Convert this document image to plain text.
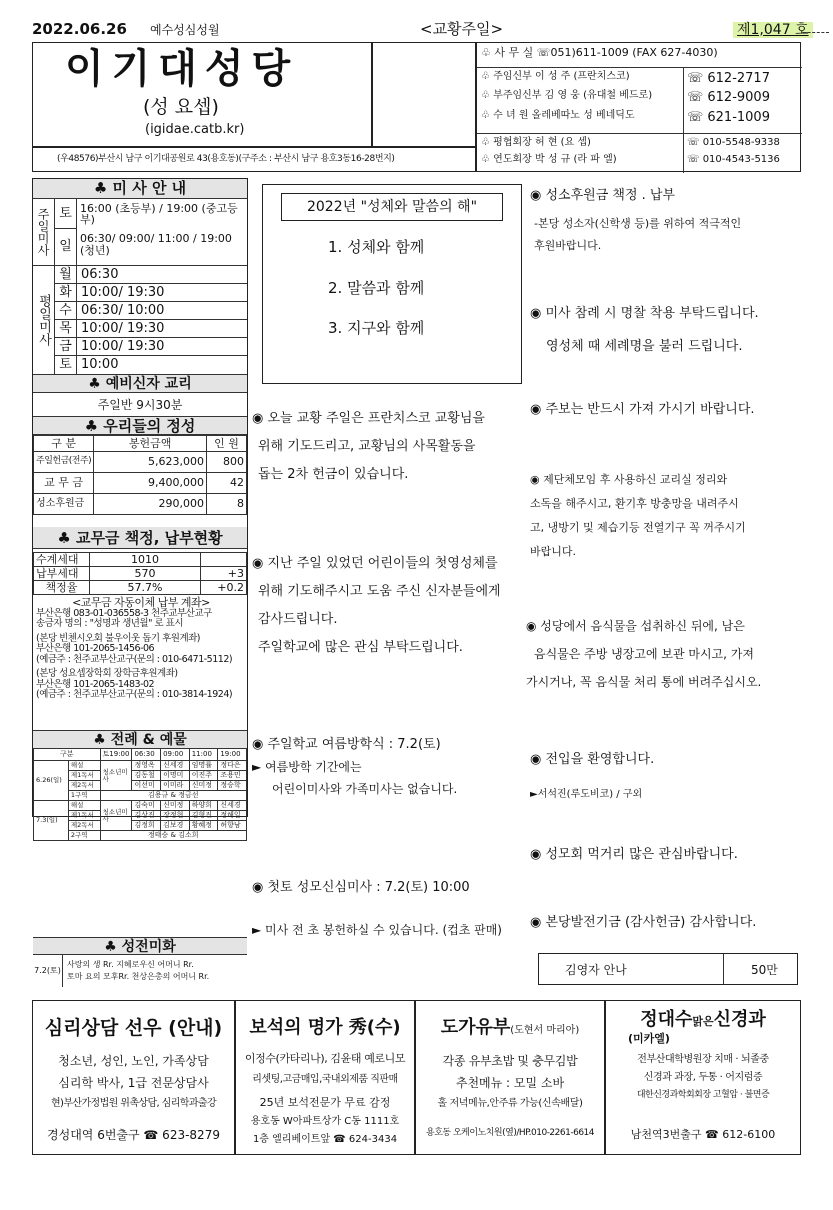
2022.06.26 예수성심성월	<교황주일>	제1,047 호
이기대성당
(성 요셉)
(igidae.catb.kr)
(우48576)부산시 남구 이기대공원로 43(용호동)(구주소 : 부산시 남구 용호3동16-28번지)
♧ 사 무 실 ☏051)611-1009 (FAX 627-4030)
♧ 주임신부 이 성 주 (프란치스코)	☏ 612-2717
♧ 부주임신부 김 영 웅 (유대철 베드로)	☏ 612-9009
♧ 수 녀 원 올레베따노 성 베네딕도	☏ 621-1009
♧ 평협회장 허 현 (요 셉)	☏ 010-5548-9338
♧ 연도회장 박 성 규 (라 파 엘)	☏ 010-4543-5136
♣ 미 사 안 내
주일미사 토 16:00 (초등부) / 19:00 (중고등부)
일
06:30/ 09:00/ 11:00 / 19:00 (청년)
평일미사
월 06:30
화 10:00/ 19:30
수 06:30/ 10:00
목 10:00/ 19:30
금 10:00/ 19:30
토 10:00
♣ 예비신자 교리
주일반 9시30분
♣ 우리들의 정성
구 분	봉헌금액	인 원
주일헌금(전주)	5,623,000	800
교 무 금	9,400,000	42
성소후원금	290,000	8
♣ 교무금 책정, 납부현황
수계세대	1010	
납부세대	570	+3
책정율	57.7%	+0.2
<교무금 자동이체 납부 계좌>
부산은행 083-01-036558-3 천주교부산교구
송금자 명의 : "성명과 생년월" 로 표시
(본당 빈첸시오회 불우이웃 돕기 후원계좌)
부산은행 101-2065-1456-06
(예금주 : 천주교부산교구(문의 : 010-6471-5112)
(본당 성요셉장학회 장학금후원계좌)
부산은행 101-2065-1483-02
(예금주 : 천주교부산교구(문의 : 010-3814-1924)
♣ 전례 & 예물
구분		토19:00	06:30	09:00	11:00	19:00
6.26(일)	해설	청소년미사	정영옥	신세경	임명률	정다은
	제1독서		김동철	이명미	이진주	조용민
	제2독서		이선미	이미라	신미정	정승학
	1구역	김용규 & 정금선				
7.3(일)	해설	청소년미사	김숙미	신미정	하양희	신세경
	제1독서		김상진	장정현	김형진	정해일
	제2독서		김정희	김보경	황혜정	허향남
	2구역	정태승 & 김소희				
♣ 성전미화
7.2(토)
사랑의 생 Rr. 지혜로우신 어머니 Rr.
토마 요의 모후Rr. 천상은총의 어머니 Rr.
2022년 "성체와 말씀의 해"
1. 성체와 함께
2. 말씀과 함께
3. 지구와 함께
◉ 오늘 교황 주일은 프란치스코 교황님을
위해 기도드리고, 교황님의 사목활동을
돕는 2차 헌금이 있습니다.
◉ 지난 주일 있었던 어린이들의 첫영성체를
위해 기도해주시고 도움 주신 신자분들에게
감사드립니다.
주일학교에 많은 관심 부탁드립니다.
◉ 주일학교 여름방학식 : 7.2(토)
► 여름방학 기간에는
어린이미사와 가족미사는 없습니다.
◉ 첫토 성모신심미사 : 7.2(토) 10:00
► 미사 전 초 봉헌하실 수 있습니다. (컵초 판매)
◉ 성소후원금 책정 . 납부
-본당 성소자(신학생 등)를 위하여 적극적인
후원바랍니다.
◉ 미사 참례 시 명찰 착용 부탁드립니다.
영성체 때 세례명을 불러 드립니다.
◉ 주보는 반드시 가져 가시기 바랍니다.
◉ 제단체모임 후 사용하신 교리실 정리와
소독을 해주시고, 환기후 방충망을 내려주시
고, 냉방기 및 제습기등 전열기구 꼭 꺼주시기
바랍니다.
◉ 성당에서 음식물을 섭취하신 뒤에, 남은
음식물은 주방 냉장고에 보관 마시고, 가져
가시거나, 꼭 음식물 처리 통에 버려주십시오.
◉ 전입을 환영합니다.
►서석진(루도비코) / 구외
◉ 성모회 먹거리 많은 관심바랍니다.
◉ 본당발전기금 (감사헌금) 감사합니다.
김영자 안나	50만
심리상담 선우 (안내)
청소년, 성인, 노인, 가족상담
심리학 박사, 1급 전문상담사
현)부산가정법원 위촉상담, 심리학과출강
경성대역 6번출구 ☎ 623-8279
보석의 명가 秀(수)
이정수(카타리나), 김윤태 예로니모
리셋팅,고금매입,국내외제품 직판매
25년 보석전문가 무료 감정
용호동 W아파트상가 C동 1111호
1층 엘리베이트앞 ☎ 624-3434
도가유부(도현서 마리아)
각종 유부초밥 및 충무김밥
추천메뉴 : 모밀 소바
홀 저녁메뉴,안주류 가능(신속배달)
용호동 오케이노치원(옆)/HP.010-2261-6614
정대수맑은신경과
(미카엘)
전부산대학병원장 치매 · 뇌졸중
신경과 과장, 두통 · 어지럼증
대한신경과학회회장 고혈압 · 불면증
남천역3번출구 ☎ 612-6100
